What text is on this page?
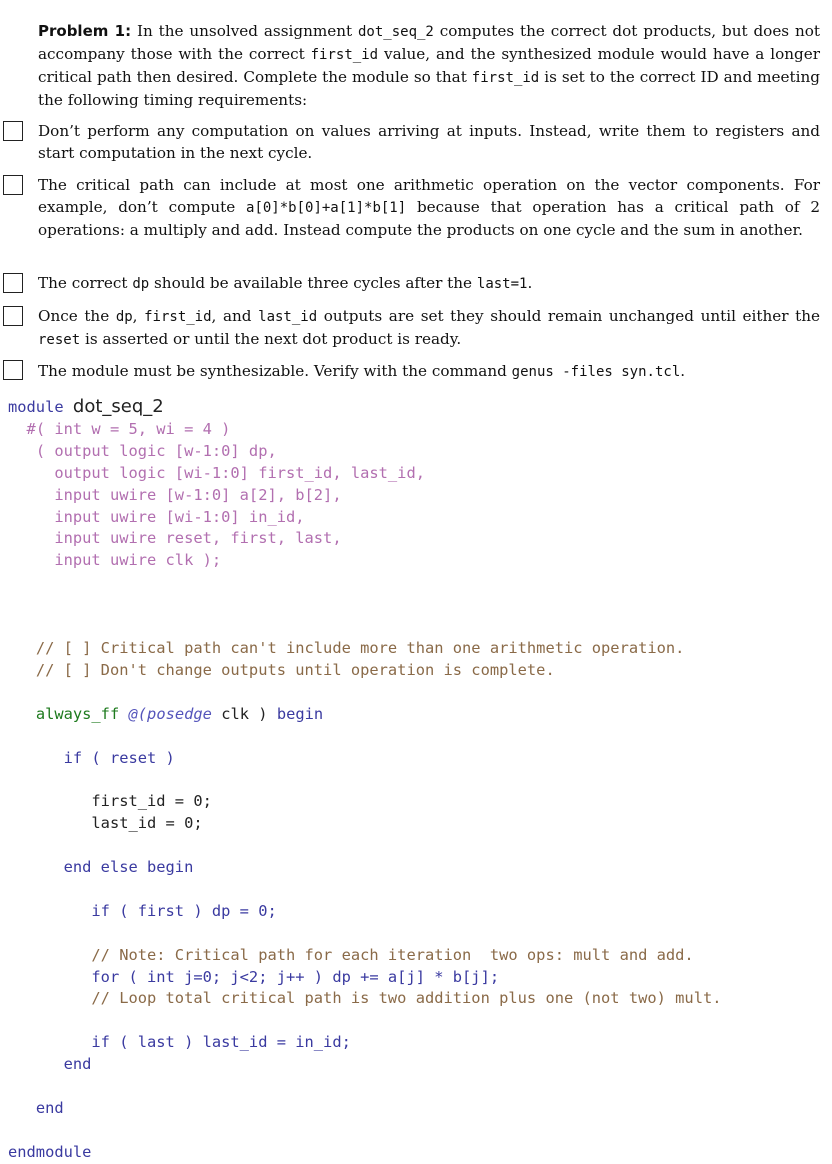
Problem 1: In the unsolved assignment dot_seq_2 computes the correct dot products, but does not accompany those with the correct first_id value, and the synthesized module would have a longer critical path then desired. Complete the module so that first_id is set to the correct ID and meeting the following timing requirements:
Don’t perform any computation on values arriving at inputs. Instead, write them to registers and start computation in the next cycle.
The critical path can include at most one arithmetic operation on the vector components. For example, don’t compute a[0]*b[0]+a[1]*b[1] because that operation has a critical path of 2 operations: a multiply and add. Instead compute the products on one cycle and the sum in another.
The correct dp should be available three cycles after the last=1.
Once the dp, first_id, and last_id outputs are set they should remain unchanged until either the reset is asserted or until the next dot product is ready.
The module must be synthesizable. Verify with the command genus -files syn.tcl.
module dot_seq_2
#( int w = 5, wi = 4 )
( output logic [w-1:0] dp,
output logic [wi-1:0] first_id, last_id,
input uwire [w-1:0] a[2], b[2],
input uwire [wi-1:0] in_id,
input uwire reset, first, last,
input uwire clk );

// [ ] Critical path can't include more than one arithmetic operation.
// [ ] Don't change outputs until operation is complete.

always_ff @(posedge clk ) begin

if ( reset )

first_id = 0;
last_id = 0;

end else begin

if ( first ) dp = 0;

// Note: Critical path for each iteration  two ops: mult and add.
for ( int j=0; j<2; j++ ) dp += a[j] * b[j];
// Loop total critical path is two addition plus one (not two) mult.

if ( last ) last_id = in_id;
end

end

endmodule
